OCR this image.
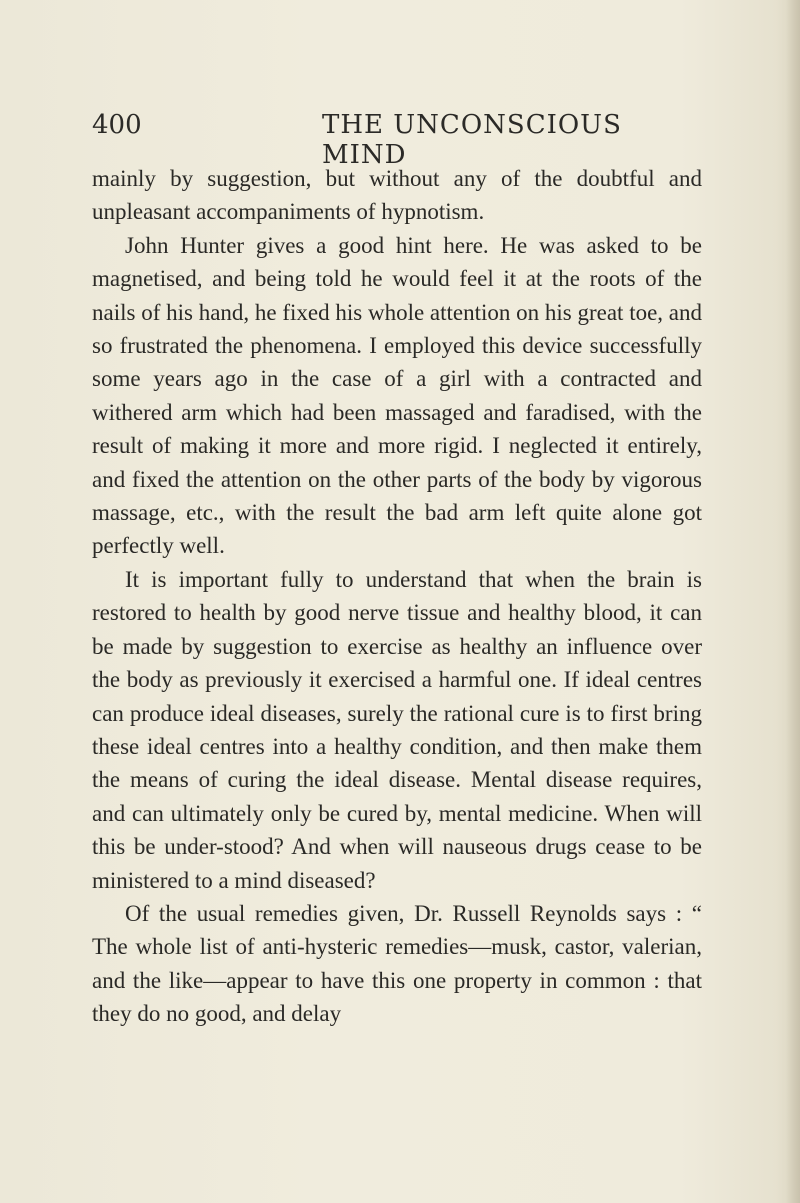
400	THE UNCONSCIOUS MIND

mainly by suggestion, but without any of the doubtful and unpleasant accompaniments of hypnotism.

John Hunter gives a good hint here. He was asked to be magnetised, and being told he would feel it at the roots of the nails of his hand, he fixed his whole attention on his great toe, and so frustrated the phenomena. I employed this device successfully some years ago in the case of a girl with a contracted and withered arm which had been massaged and faradised, with the result of making it more and more rigid. I neglected it entirely, and fixed the attention on the other parts of the body by vigorous massage, etc., with the result the bad arm left quite alone got perfectly well.

It is important fully to understand that when the brain is restored to health by good nerve tissue and healthy blood, it can be made by suggestion to exercise as healthy an influence over the body as previously it exercised a harmful one. If ideal centres can produce ideal diseases, surely the rational cure is to first bring these ideal centres into a healthy condition, and then make them the means of curing the ideal disease. Mental disease requires, and can ultimately only be cured by, mental medicine. When will this be under-stood? And when will nauseous drugs cease to be ministered to a mind diseased?

Of the usual remedies given, Dr. Russell Reynolds says : “ The whole list of anti-hysteric remedies—musk, castor, valerian, and the like—appear to have this one property in common : that they do no good, and delay
